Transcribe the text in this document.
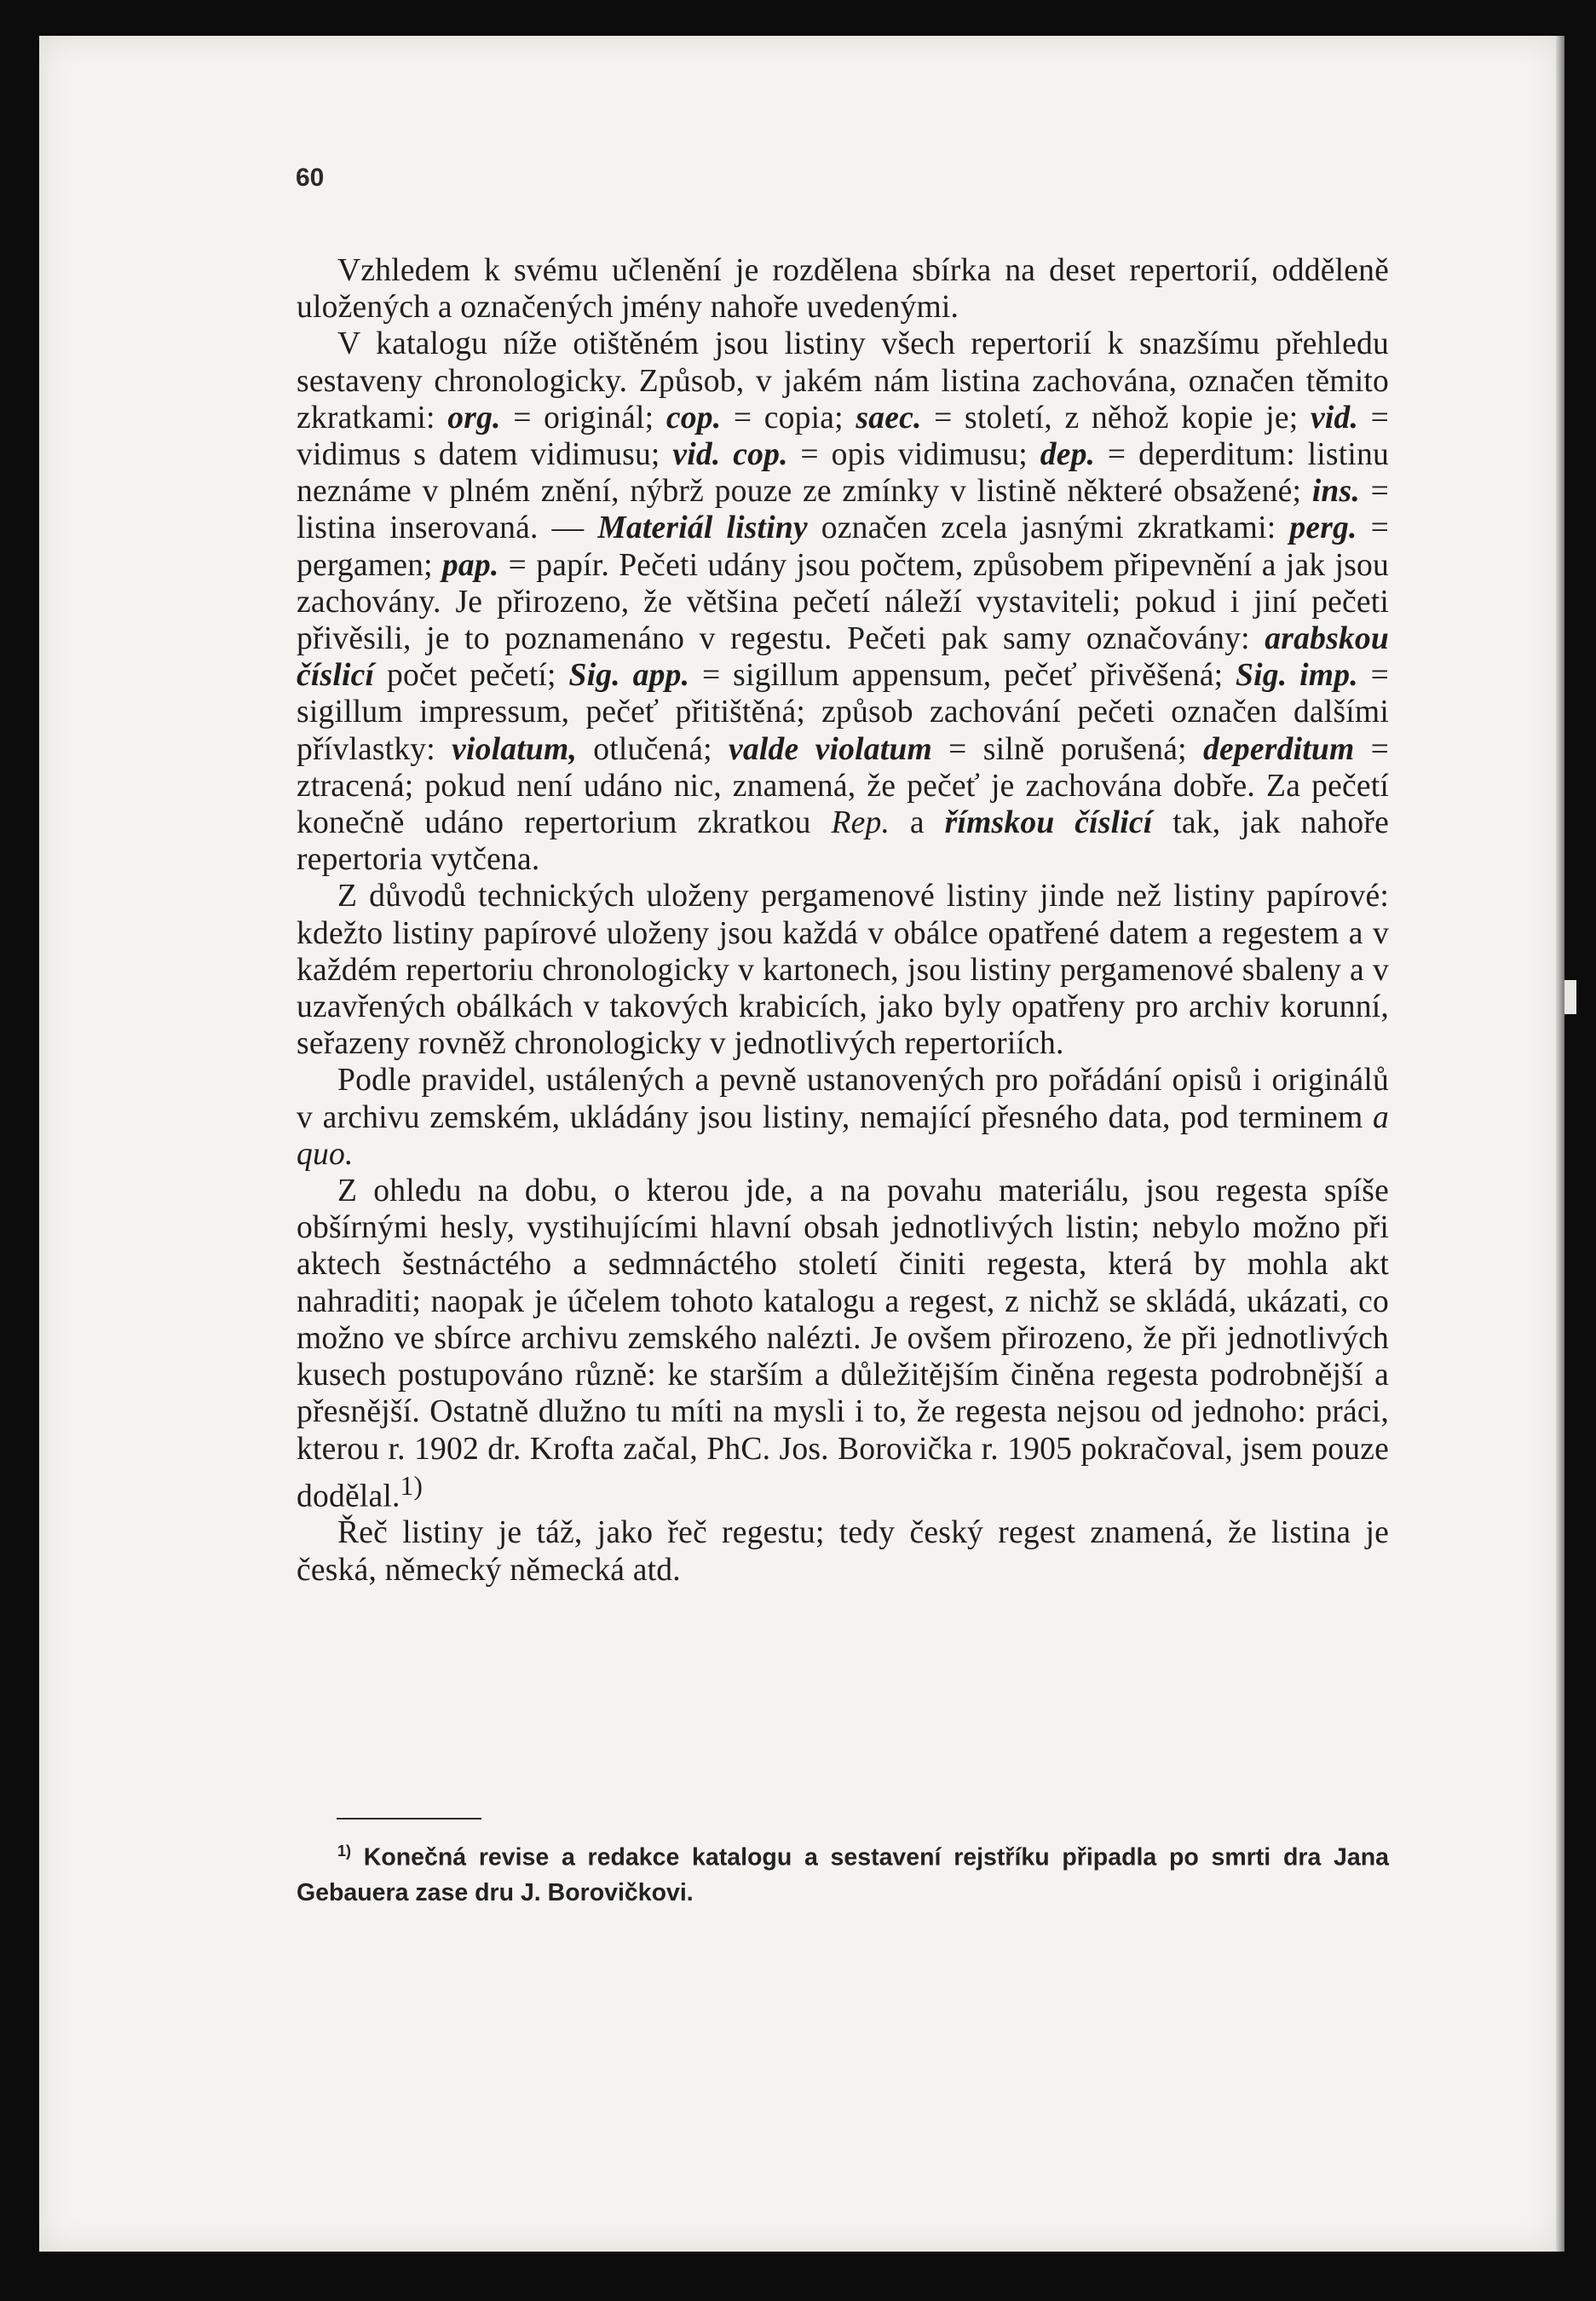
60

Vzhledem k svému učlenění je rozdělena sbírka na deset repertorií, odděleně uložených a označených jmény nahoře uvedenými.

V katalogu níže otištěném jsou listiny všech repertorií k snazšímu přehledu sestaveny chronologicky. Způsob, v jakém nám listina zachována, označen těmito zkratkami: org. = originál; cop. = copia; saec. = století, z něhož kopie je; vid. = vidimus s datem vidimusu; vid. cop. = opis vidimusu; dep. = deperditum: listinu neznáme v plném znění, nýbrž pouze ze zmínky v listině některé obsažené; ins. = listina inserovaná. — Materiál listiny označen zcela jasnými zkratkami: perg. = pergamen; pap. = papír. Pečeti udány jsou počtem, způsobem připevnění a jak jsou zachovány. Je přirozeno, že většina pečetí náleží vystaviteli; pokud i jiní pečeti přivěsili, je to poznamenáno v regestu. Pečeti pak samy označovány: arabskou číslicí počet pečetí; Sig. app. = sigillum appensum, pečeť přivěšená; Sig. imp. = sigillum impressum, pečeť přitištěná; způsob zachování pečeti označen dalšími přívlastky: violatum, otlučená; valde violatum = silně porušená; deperditum = ztracená; pokud není udáno nic, znamená, že pečeť je zachována dobře. Za pečetí konečně udáno repertorium zkratkou Rep. a římskou číslicí tak, jak nahoře repertoria vytčena.

Z důvodů technických uloženy pergamenové listiny jinde než listiny papírové: kdežto listiny papírové uloženy jsou každá v obálce opatřené datem a regestem a v každém repertoriu chronologicky v kartonech, jsou listiny pergamenové sbaleny a v uzavřených obálkách v takových krabicích, jako byly opatřeny pro archiv korunní, seřazeny rovněž chronologicky v jednotlivých repertoriích.

Podle pravidel, ustálených a pevně ustanovených pro pořádání opisů i originálů v archivu zemském, ukládány jsou listiny, nemající přesného data, pod terminem a quo.

Z ohledu na dobu, o kterou jde, a na povahu materiálu, jsou regesta spíše obšírnými hesly, vystihujícími hlavní obsah jednotlivých listin; nebylo možno při aktech šestnáctého a sedmnáctého století činiti regesta, která by mohla akt nahraditi; naopak je účelem tohoto katalogu a regest, z nichž se skládá, ukázati, co možno ve sbírce archivu zemského nalézti. Je ovšem přirozeno, že při jednotlivých kusech postupováno různě: ke starším a důležitějším činěna regesta podrobnější a přesnější. Ostatně dlužno tu míti na mysli i to, že regesta nejsou od jednoho: práci, kterou r. 1902 dr. Krofta začal, PhC. Jos. Borovička r. 1905 pokračoval, jsem pouze dodělal.$^{1)}$

Řeč listiny je táž, jako řeč regestu; tedy český regest znamená, že listina je česká, německý německá atd.

$^{1)}$ Konečná revise a redakce katalogu a sestavení rejstříku připadla po smrti dra Jana Gebauera zase dru J. Borovičkovi.
